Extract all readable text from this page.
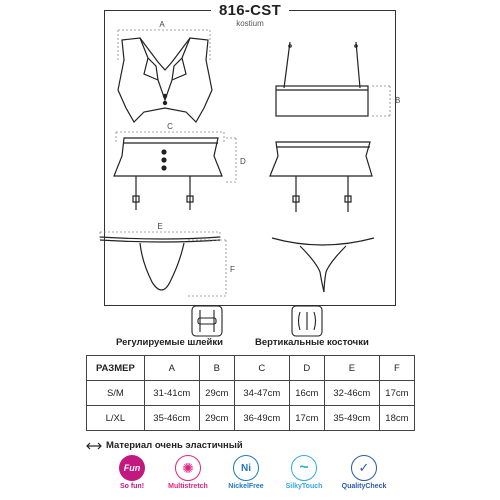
816-CST
kostium
A
B
C
D
E
F
Регулируемые шлейки	Вертикальные косточки
РАЗМЕР	A	B	C	D	E	F
S/M	31-41cm	29cm	34-47cm	16cm	32-46cm	17cm
L/XL	35-46cm	29cm	36-49cm	17cm	35-49cm	18cm
Материал очень эластичный
Fun
So fun!
✺
Multistretch
Ni
NickelFree
~
SilkyTouch
✓
QualityCheck
